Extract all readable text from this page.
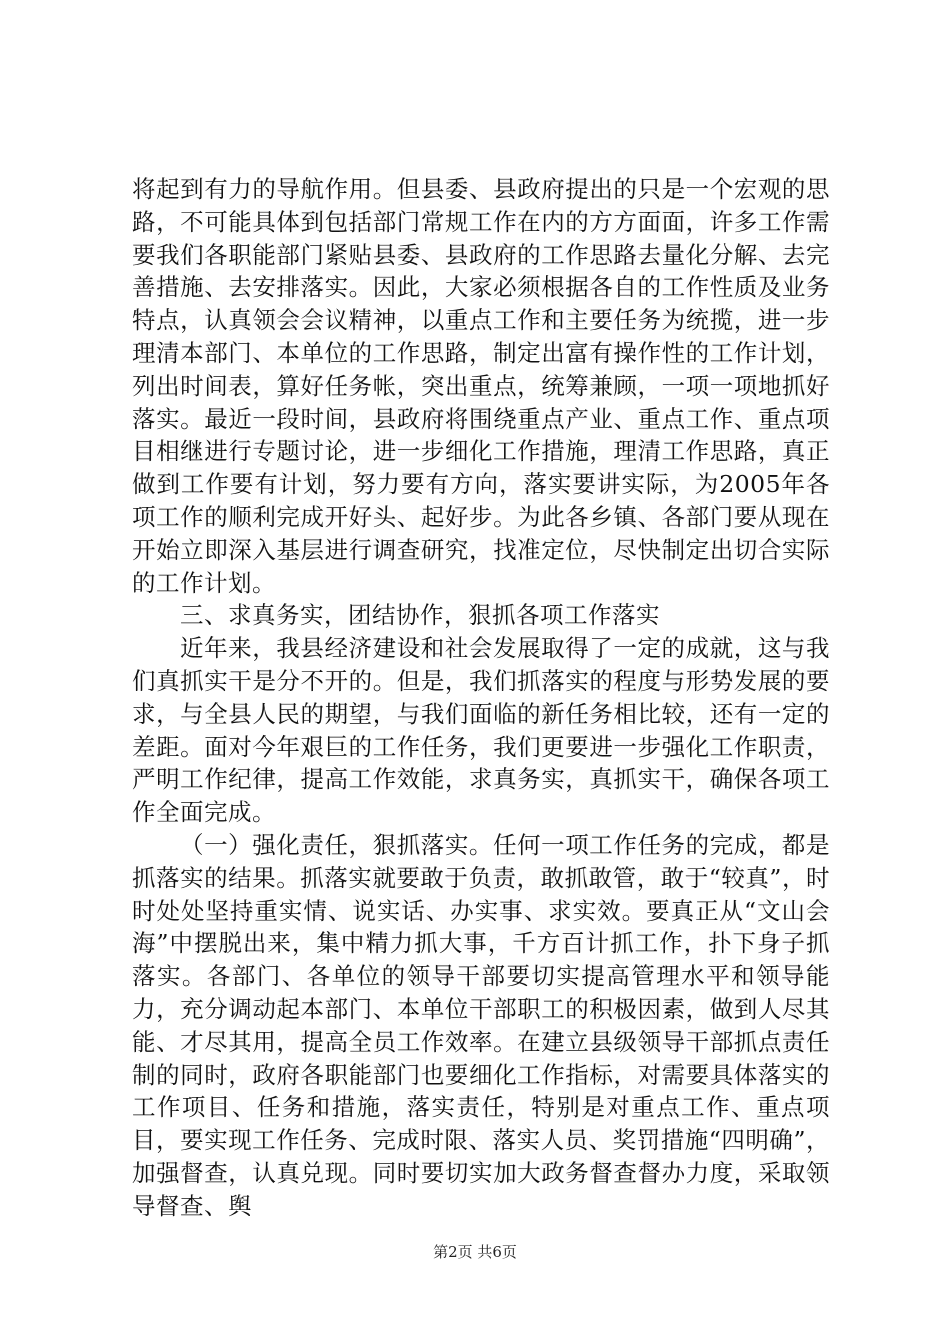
将起到有力的导航作用。但县委、县政府提出的只是一个宏观的思路，不可能具体到包括部门常规工作在内的方方面面，许多工作需要我们各职能部门紧贴县委、县政府的工作思路去量化分解、去完善措施、去安排落实。因此，大家必须根据各自的工作性质及业务特点，认真领会会议精神，以重点工作和主要任务为统揽，进一步理清本部门、本单位的工作思路，制定出富有操作性的工作计划，列出时间表，算好任务帐，突出重点，统筹兼顾，一项一项地抓好落实。最近一段时间，县政府将围绕重点产业、重点工作、重点项目相继进行专题讨论，进一步细化工作措施，理清工作思路，真正做到工作要有计划，努力要有方向，落实要讲实际，为2005年各项工作的顺利完成开好头、起好步。为此各乡镇、各部门要从现在开始立即深入基层进行调查研究，找准定位，尽快制定出切合实际的工作计划。

三、求真务实，团结协作，狠抓各项工作落实

近年来，我县经济建设和社会发展取得了一定的成就，这与我们真抓实干是分不开的。但是，我们抓落实的程度与形势发展的要求，与全县人民的期望，与我们面临的新任务相比较，还有一定的差距。面对今年艰巨的工作任务，我们更要进一步强化工作职责，严明工作纪律，提高工作效能，求真务实，真抓实干，确保各项工作全面完成。

（一）强化责任，狠抓落实。任何一项工作任务的完成，都是抓落实的结果。抓落实就要敢于负责，敢抓敢管，敢于“较真”，时时处处坚持重实情、说实话、办实事、求实效。要真正从“文山会海”中摆脱出来，集中精力抓大事，千方百计抓工作，扑下身子抓落实。各部门、各单位的领导干部要切实提高管理水平和领导能力，充分调动起本部门、本单位干部职工的积极因素，做到人尽其能、才尽其用，提高全员工作效率。在建立县级领导干部抓点责任制的同时，政府各职能部门也要细化工作指标，对需要具体落实的工作项目、任务和措施，落实责任，特别是对重点工作、重点项目，要实现工作任务、完成时限、落实人员、奖罚措施“四明确”，加强督查，认真兑现。同时要切实加大政务督查督办力度，采取领导督查、舆

第2页 共6页
